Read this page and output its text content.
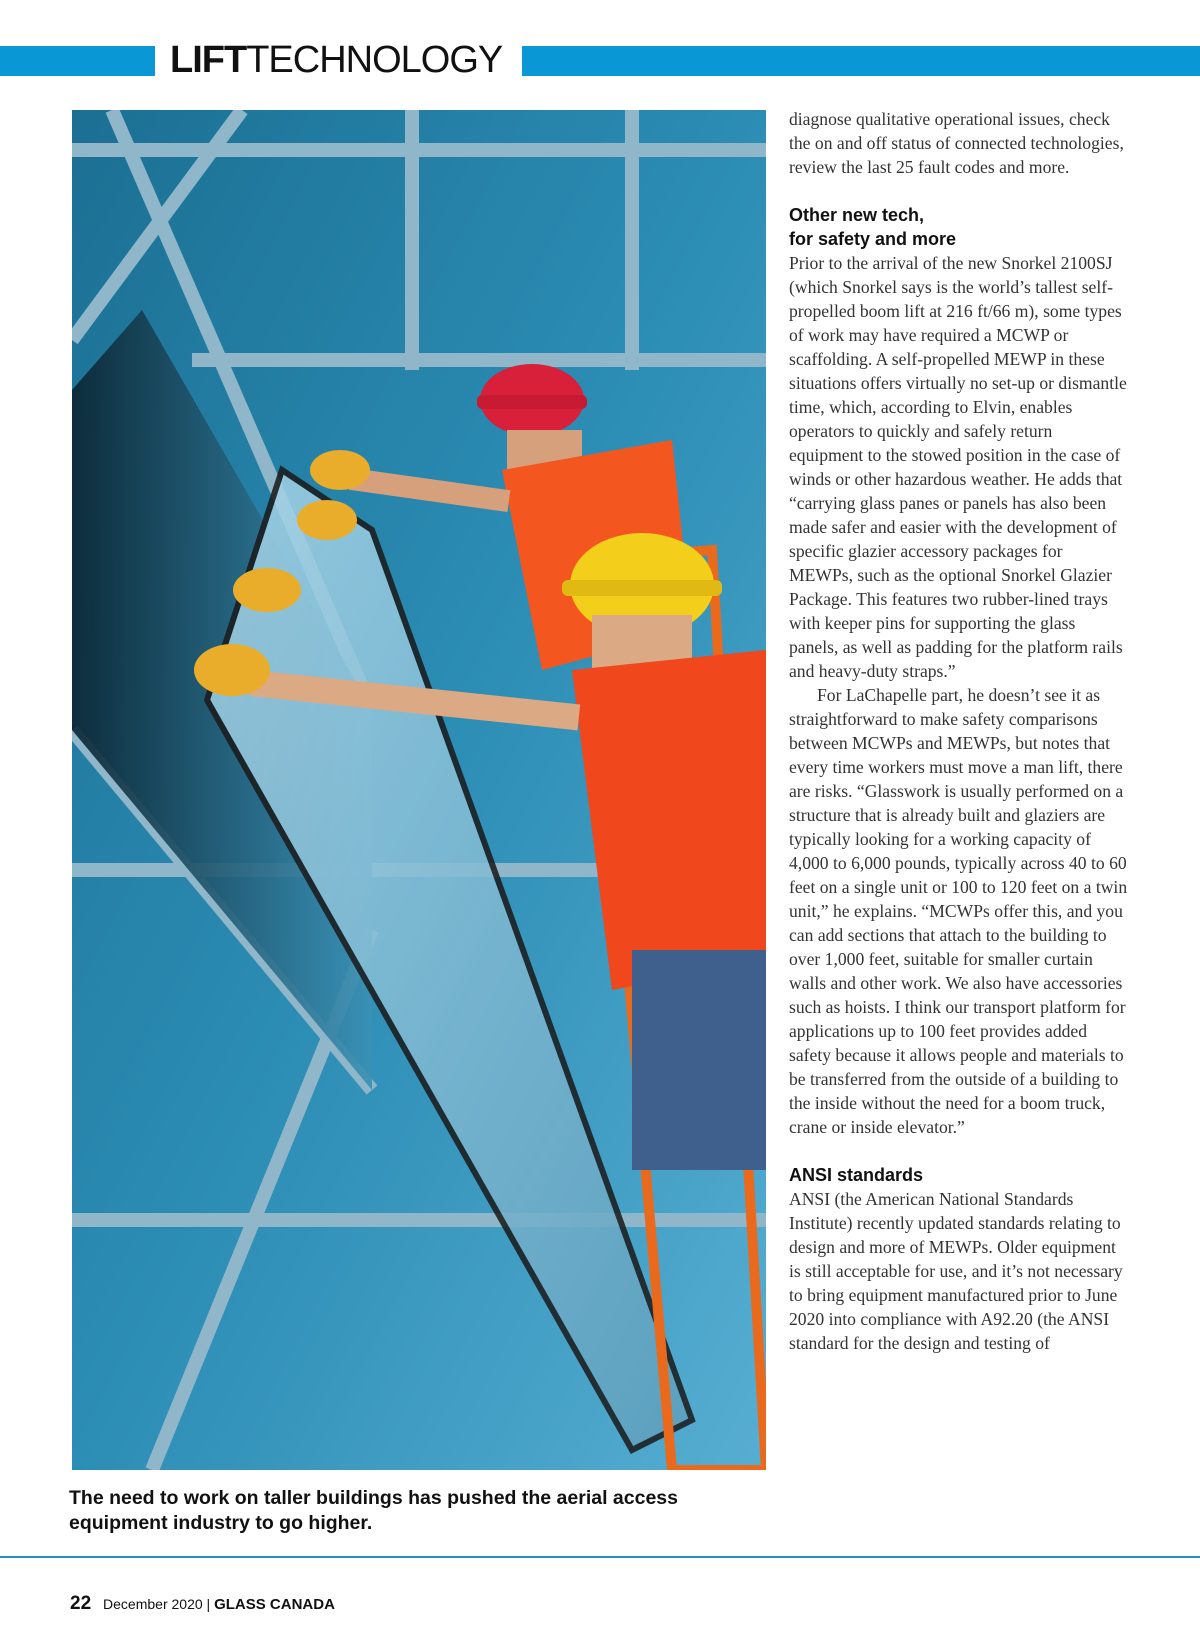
LIFTTECHNOLOGY
The need to work on taller buildings has pushed the aerial access equipment industry to go higher.

diagnose qualitative operational issues, check the on and off status of connected technologies, review the last 25 fault codes and more.

Other new tech,
for safety and more

Prior to the arrival of the new Snorkel 2100SJ (which Snorkel says is the world’s tallest self-propelled boom lift at 216 ft/66 m), some types of work may have required a MCWP or scaffolding. A self-propelled MEWP in these situations offers virtually no set-up or dismantle time, which, according to Elvin, enables operators to quickly and safely return equipment to the stowed position in the case of winds or other hazardous weather. He adds that “carrying glass panes or panels has also been made safer and easier with the development of specific glazier accessory packages for MEWPs, such as the optional Snorkel Glazier Package. This features two rubber-lined trays with keeper pins for supporting the glass panels, as well as padding for the platform rails and heavy-duty straps.”

For LaChapelle part, he doesn’t see it as straightforward to make safety comparisons between MCWPs and MEWPs, but notes that every time workers must move a man lift, there are risks. “Glasswork is usually performed on a structure that is already built and glaziers are typically looking for a working capacity of 4,000 to 6,000 pounds, typically across 40 to 60 feet on a single unit or 100 to 120 feet on a twin unit,” he explains. “MCWPs offer this, and you can add sections that attach to the building to over 1,000 feet, suitable for smaller curtain walls and other work. We also have accessories such as hoists. I think our transport platform for applications up to 100 feet provides added safety because it allows people and materials to be transferred from the outside of a building to the inside without the need for a boom truck, crane or inside elevator.”

ANSI standards

ANSI (the American National Standards Institute) recently updated standards relating to design and more of MEWPs. Older equipment is still acceptable for use, and it’s not necessary to bring equipment manufactured prior to June 2020 into compliance with A92.20 (the ANSI standard for the design and testing of

22 December 2020 | GLASS CANADA
